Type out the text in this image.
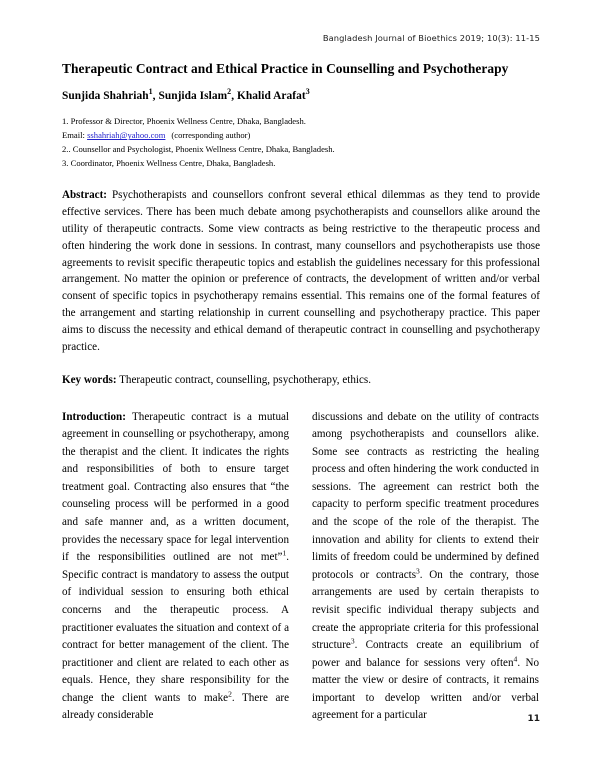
Bangladesh Journal of Bioethics 2019; 10(3): 11-15
Therapeutic Contract and Ethical Practice in Counselling and Psychotherapy
Sunjida Shahriah$^1$, Sunjida Islam$^2$, Khalid Arafat$^3$
1. Professor & Director, Phoenix Wellness Centre, Dhaka, Bangladesh.
Email: sshahriah@yahoo.com (corresponding author)
2.. Counsellor and Psychologist, Phoenix Wellness Centre, Dhaka, Bangladesh.
3. Coordinator, Phoenix Wellness Centre, Dhaka, Bangladesh.

Abstract: Psychotherapists and counsellors confront several ethical dilemmas as they tend to provide effective services. There has been much debate among psychotherapists and counsellors alike around the utility of therapeutic contracts. Some view contracts as being restrictive to the therapeutic process and often hindering the work done in sessions. In contrast, many counsellors and psychotherapists use those agreements to revisit specific therapeutic topics and establish the guidelines necessary for this professional arrangement. No matter the opinion or preference of contracts, the development of written and/or verbal consent of specific topics in psychotherapy remains essential. This remains one of the formal features of the arrangement and starting relationship in current counselling and psychotherapy practice. This paper aims to discuss the necessity and ethical demand of therapeutic contract in counselling and psychotherapy practice.

Key words: Therapeutic contract, counselling, psychotherapy, ethics.

Introduction: Therapeutic contract is a mutual agreement in counselling or psychotherapy, among the therapist and the client. It indicates the rights and responsibilities of both to ensure target treatment goal. Contracting also ensures that “the counseling process will be performed in a good and safe manner and, as a written document, provides the necessary space for legal intervention if the responsibilities outlined are not met”$^1$. Specific contract is mandatory to assess the output of individual session to ensuring both ethical concerns and the therapeutic process. A practitioner evaluates the situation and context of a contract for better management of the client. The practitioner and client are related to each other as equals. Hence, they share responsibility for the change the client wants to make$^2$. There are already considerable

discussions and debate on the utility of contracts among psychotherapists and counsellors alike. Some see contracts as restricting the healing process and often hindering the work conducted in sessions. The agreement can restrict both the capacity to perform specific treatment procedures and the scope of the role of the therapist. The innovation and ability for clients to extend their limits of freedom could be undermined by defined protocols or contracts$^3$. On the contrary, those arrangements are used by certain therapists to revisit specific individual therapy subjects and create the appropriate criteria for this professional structure$^3$. Contracts create an equilibrium of power and balance for sessions very often$^4$. No matter the view or desire of contracts, it remains important to develop written and/or verbal agreement for a particular	11
